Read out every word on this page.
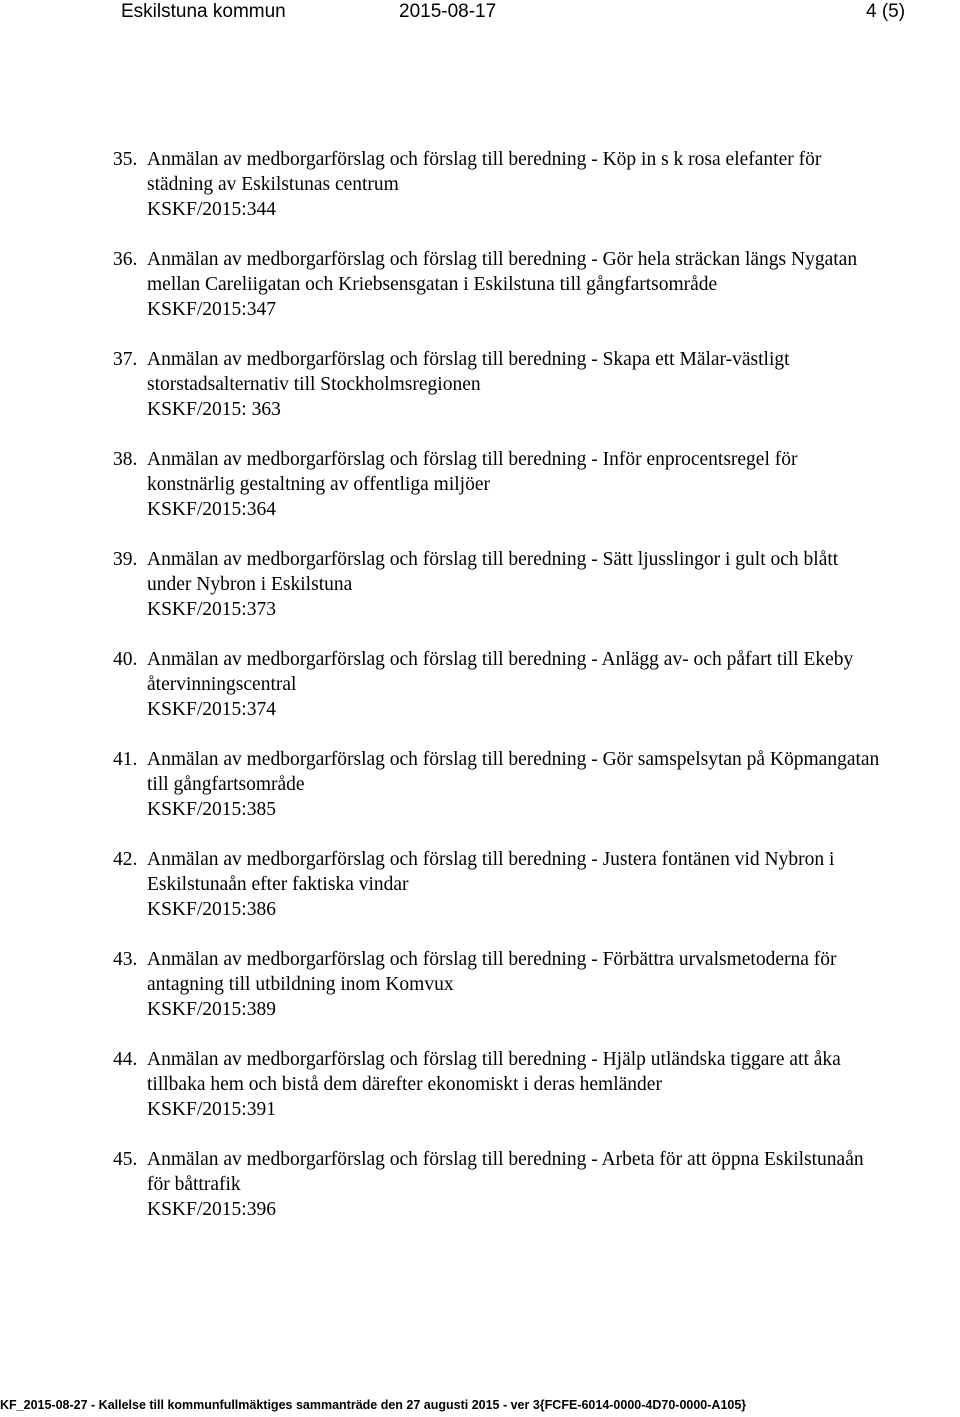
Eskilstuna kommun	2015-08-17	4 (5)
35. Anmälan av medborgarförslag och förslag till beredning - Köp in s k rosa elefanter för
städning av Eskilstunas centrum
KSKF/2015:344
36. Anmälan av medborgarförslag och förslag till beredning - Gör hela sträckan längs Nygatan
mellan Careliigatan och Kriebsensgatan i Eskilstuna till gångfartsområde
KSKF/2015:347
37. Anmälan av medborgarförslag och förslag till beredning - Skapa ett Mälar-västligt
storstadsalternativ till Stockholmsregionen
KSKF/2015: 363
38. Anmälan av medborgarförslag och förslag till beredning - Inför enprocentsregel för
konstnärlig gestaltning av offentliga miljöer
KSKF/2015:364
39. Anmälan av medborgarförslag och förslag till beredning - Sätt ljusslingor i gult och blått
under Nybron i Eskilstuna
KSKF/2015:373
40. Anmälan av medborgarförslag och förslag till beredning - Anlägg av- och påfart till Ekeby
återvinningscentral
KSKF/2015:374
41. Anmälan av medborgarförslag och förslag till beredning - Gör samspelsytan på Köpmangatan
till gångfartsområde
KSKF/2015:385
42. Anmälan av medborgarförslag och förslag till beredning - Justera fontänen vid Nybron i
Eskilstunaån efter faktiska vindar
KSKF/2015:386
43. Anmälan av medborgarförslag och förslag till beredning - Förbättra urvalsmetoderna för
antagning till utbildning inom Komvux
KSKF/2015:389
44. Anmälan av medborgarförslag och förslag till beredning - Hjälp utländska tiggare att åka
tillbaka hem och bistå dem därefter ekonomiskt i deras hemländer
KSKF/2015:391
45. Anmälan av medborgarförslag och förslag till beredning - Arbeta för att öppna Eskilstunaån
för båttrafik
KSKF/2015:396
KF_2015-08-27 - Kallelse till kommunfullmäktiges sammanträde den 27 augusti 2015 - ver 3{FCFE-6014-0000-4D70-0000-A105}
